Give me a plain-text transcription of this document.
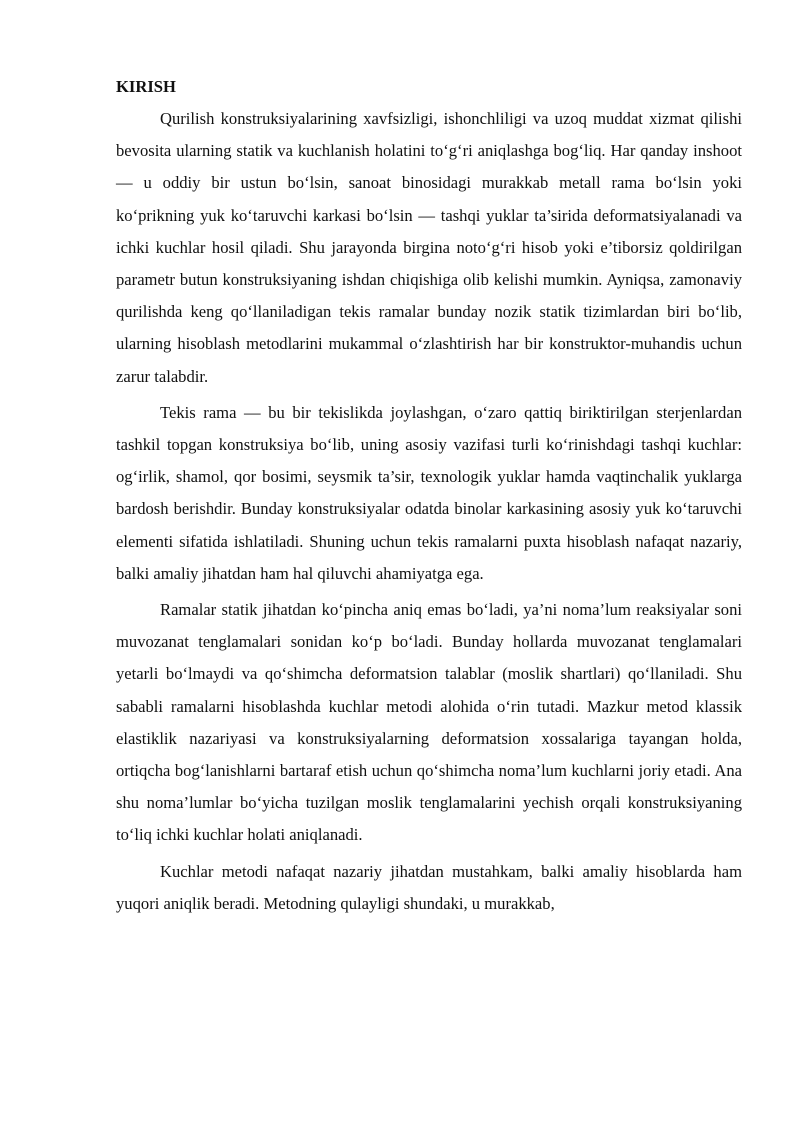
KIRISH

Qurilish konstruksiyalarining xavfsizligi, ishonchliligi va uzoq muddat xizmat qilishi bevosita ularning statik va kuchlanish holatini to‘g‘ri aniqlashga bog‘liq. Har qanday inshoot — u oddiy bir ustun bo‘lsin, sanoat binosidagi murakkab metall rama bo‘lsin yoki ko‘prikning yuk ko‘taruvchi karkasi bo‘lsin — tashqi yuklar ta’sirida deformatsiyalanadi va ichki kuchlar hosil qiladi. Shu jarayonda birgina noto‘g‘ri hisob yoki e’tiborsiz qoldirilgan parametr butun konstruksiyaning ishdan chiqishiga olib kelishi mumkin. Ayniqsa, zamonaviy qurilishda keng qo‘llaniladigan tekis ramalar bunday nozik statik tizimlardan biri bo‘lib, ularning hisoblash metodlarini mukammal o‘zlashtirish har bir konstruktor-muhandis uchun zarur talabdir.

Tekis rama — bu bir tekislikda joylashgan, o‘zaro qattiq biriktirilgan sterjenlardan tashkil topgan konstruksiya bo‘lib, uning asosiy vazifasi turli ko‘rinishdagi tashqi kuchlar: og‘irlik, shamol, qor bosimi, seysmik ta’sir, texnologik yuklar hamda vaqtinchalik yuklarga bardosh berishdir. Bunday konstruksiyalar odatda binolar karkasining asosiy yuk ko‘taruvchi elementi sifatida ishlatiladi. Shuning uchun tekis ramalarni puxta hisoblash nafaqat nazariy, balki amaliy jihatdan ham hal qiluvchi ahamiyatga ega.

Ramalar statik jihatdan ko‘pincha aniq emas bo‘ladi, ya’ni noma’lum reaksiyalar soni muvozanat tenglamalari sonidan ko‘p bo‘ladi. Bunday hollarda muvozanat tenglamalari yetarli bo‘lmaydi va qo‘shimcha deformatsion talablar (moslik shartlari) qo‘llaniladi. Shu sababli ramalarni hisoblashda kuchlar metodi alohida o‘rin tutadi. Mazkur metod klassik elastiklik nazariyasi va konstruksiyalarning deformatsion xossalariga tayangan holda, ortiqcha bog‘lanishlarni bartaraf etish uchun qo‘shimcha noma’lum kuchlarni joriy etadi. Ana shu noma’lumlar bo‘yicha tuzilgan moslik tenglamalarini yechish orqali konstruksiyaning to‘liq ichki kuchlar holati aniqlanadi.

Kuchlar metodi nafaqat nazariy jihatdan mustahkam, balki amaliy hisoblarda ham yuqori aniqlik beradi. Metodning qulayligi shundaki, u murakkab,
